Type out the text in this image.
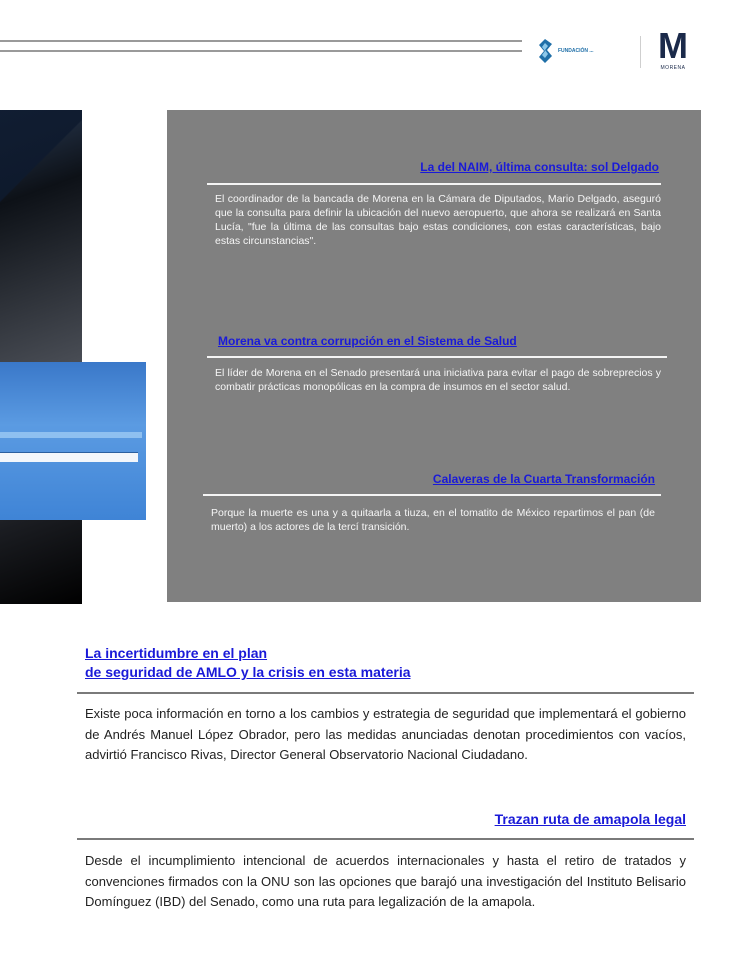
FUNDACIÓN ... M
MORENA
La del NAIM, última consulta: sol Delgado

El coordinador de la bancada de Morena en la Cámara de Diputados, Mario Delgado, aseguró que la consulta para definir la ubicación del nuevo aeropuerto, que ahora se realizará en Santa Lucía, "fue la última de las consultas bajo estas condiciones, con estas características, bajo estas circunstancias".

Morena va contra corrupción en el Sistema de Salud

El líder de Morena en el Senado presentará una iniciativa para evitar el pago de sobreprecios y combatir prácticas monopólicas en la compra de insumos en el sector salud.

Calaveras de la Cuarta Transformación

Porque la muerte es una y a quitaarla a tiuza, en el tomatito de México repartimos el pan (de muerto) a los actores de la tercí transición.

La incertidumbre en el plan
de seguridad de AMLO y la crisis en esta materia

Existe poca información en torno a los cambios y estrategia de seguridad que implementará el gobierno de Andrés Manuel López Obrador, pero las medidas anunciadas denotan procedimientos con vacíos, advirtió Francisco Rivas, Director General Observatorio Nacional Ciudadano.

Trazan ruta de amapola legal

Desde el incumplimiento intencional de acuerdos internacionales y hasta el retiro de tratados y convenciones firmados con la ONU son las opciones que barajó una investigación del Instituto Belisario Domínguez (IBD) del Senado, como una ruta para legalización de la amapola.
